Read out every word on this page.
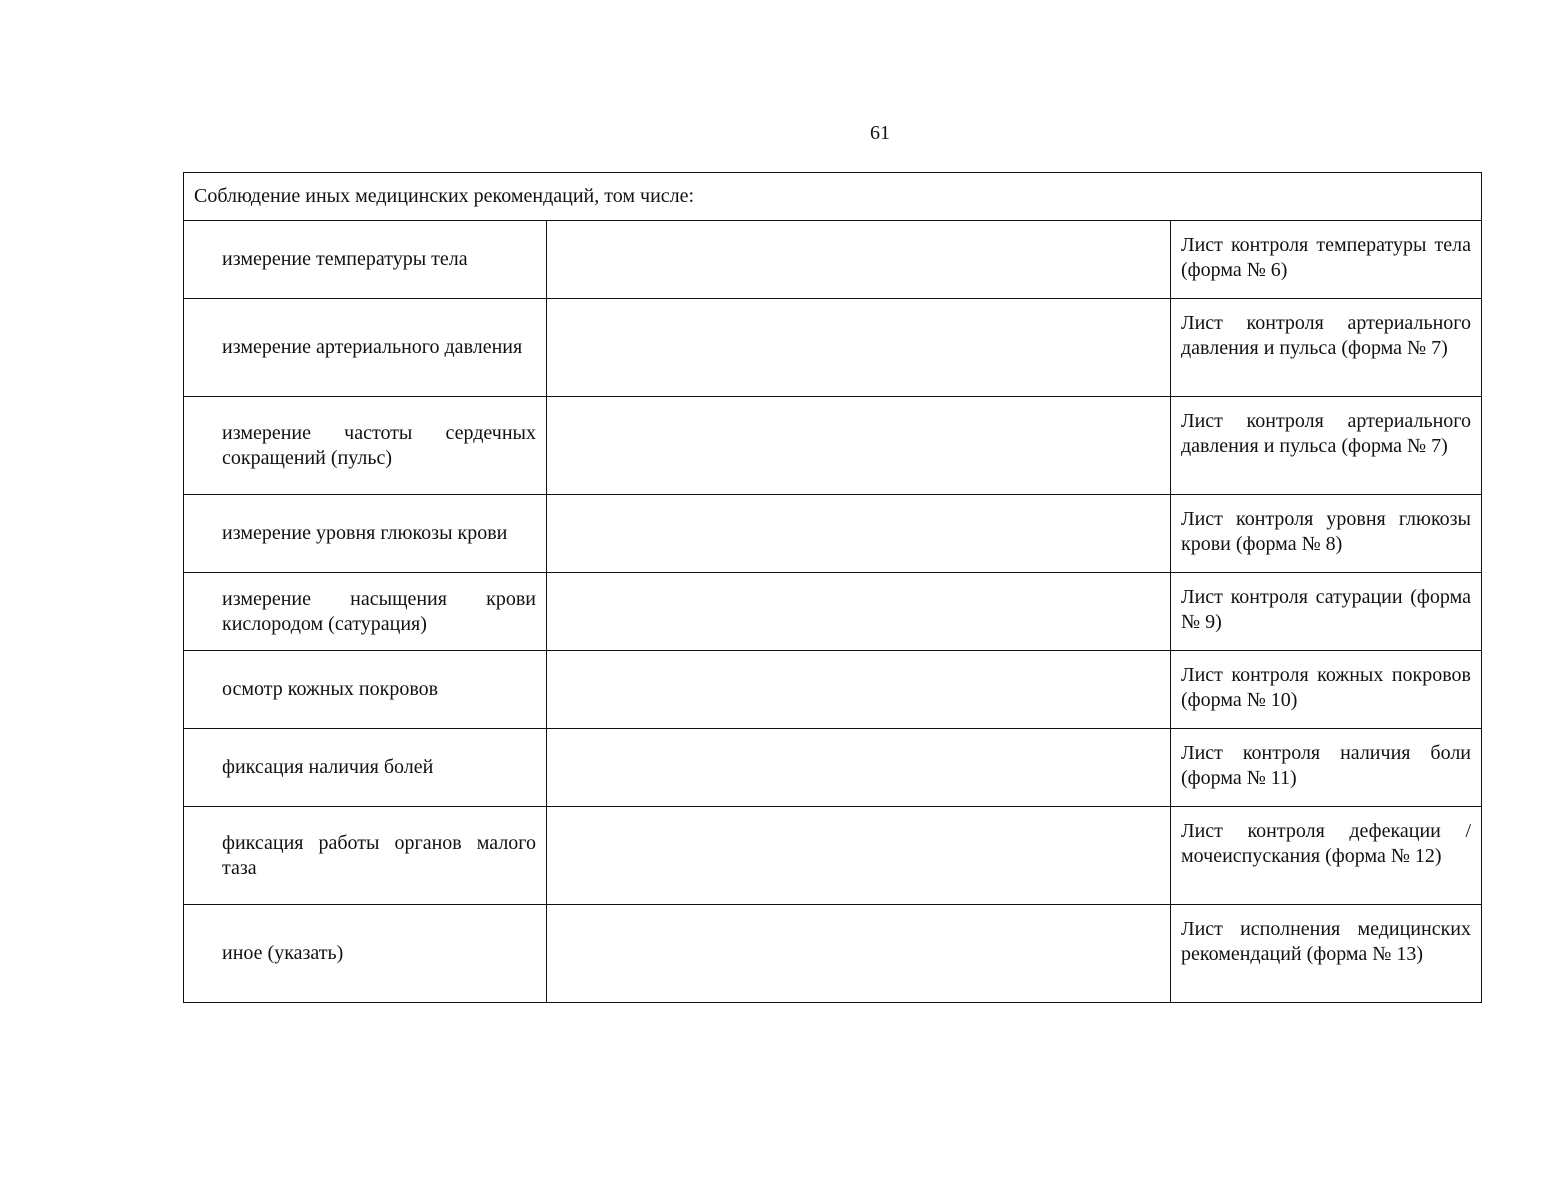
61
Соблюдение иных медицинских рекомендаций, том числе:		
измерение температуры тела		Лист контроля температуры тела (форма № 6)

измерение артериального давления		Лист контроля артериального давления и пульса (форма № 7)

измерение частоты сердечных сокращений (пульс)		Лист контроля артериального давления и пульса (форма № 7)

измерение уровня глюкозы крови		Лист контроля уровня глюкозы крови (форма № 8)

измерение насыщения крови кислородом (сатурация)		Лист контроля сатурации (форма № 9)

осмотр кожных покровов		Лист контроля кожных покровов (форма № 10)

фиксация наличия болей		Лист контроля наличия боли (форма № 11)

фиксация работы органов малого таза		Лист контроля дефекации /мочеиспускания (форма № 12)

иное (указать)		Лист исполнения медицинских рекомендаций (форма № 13)
